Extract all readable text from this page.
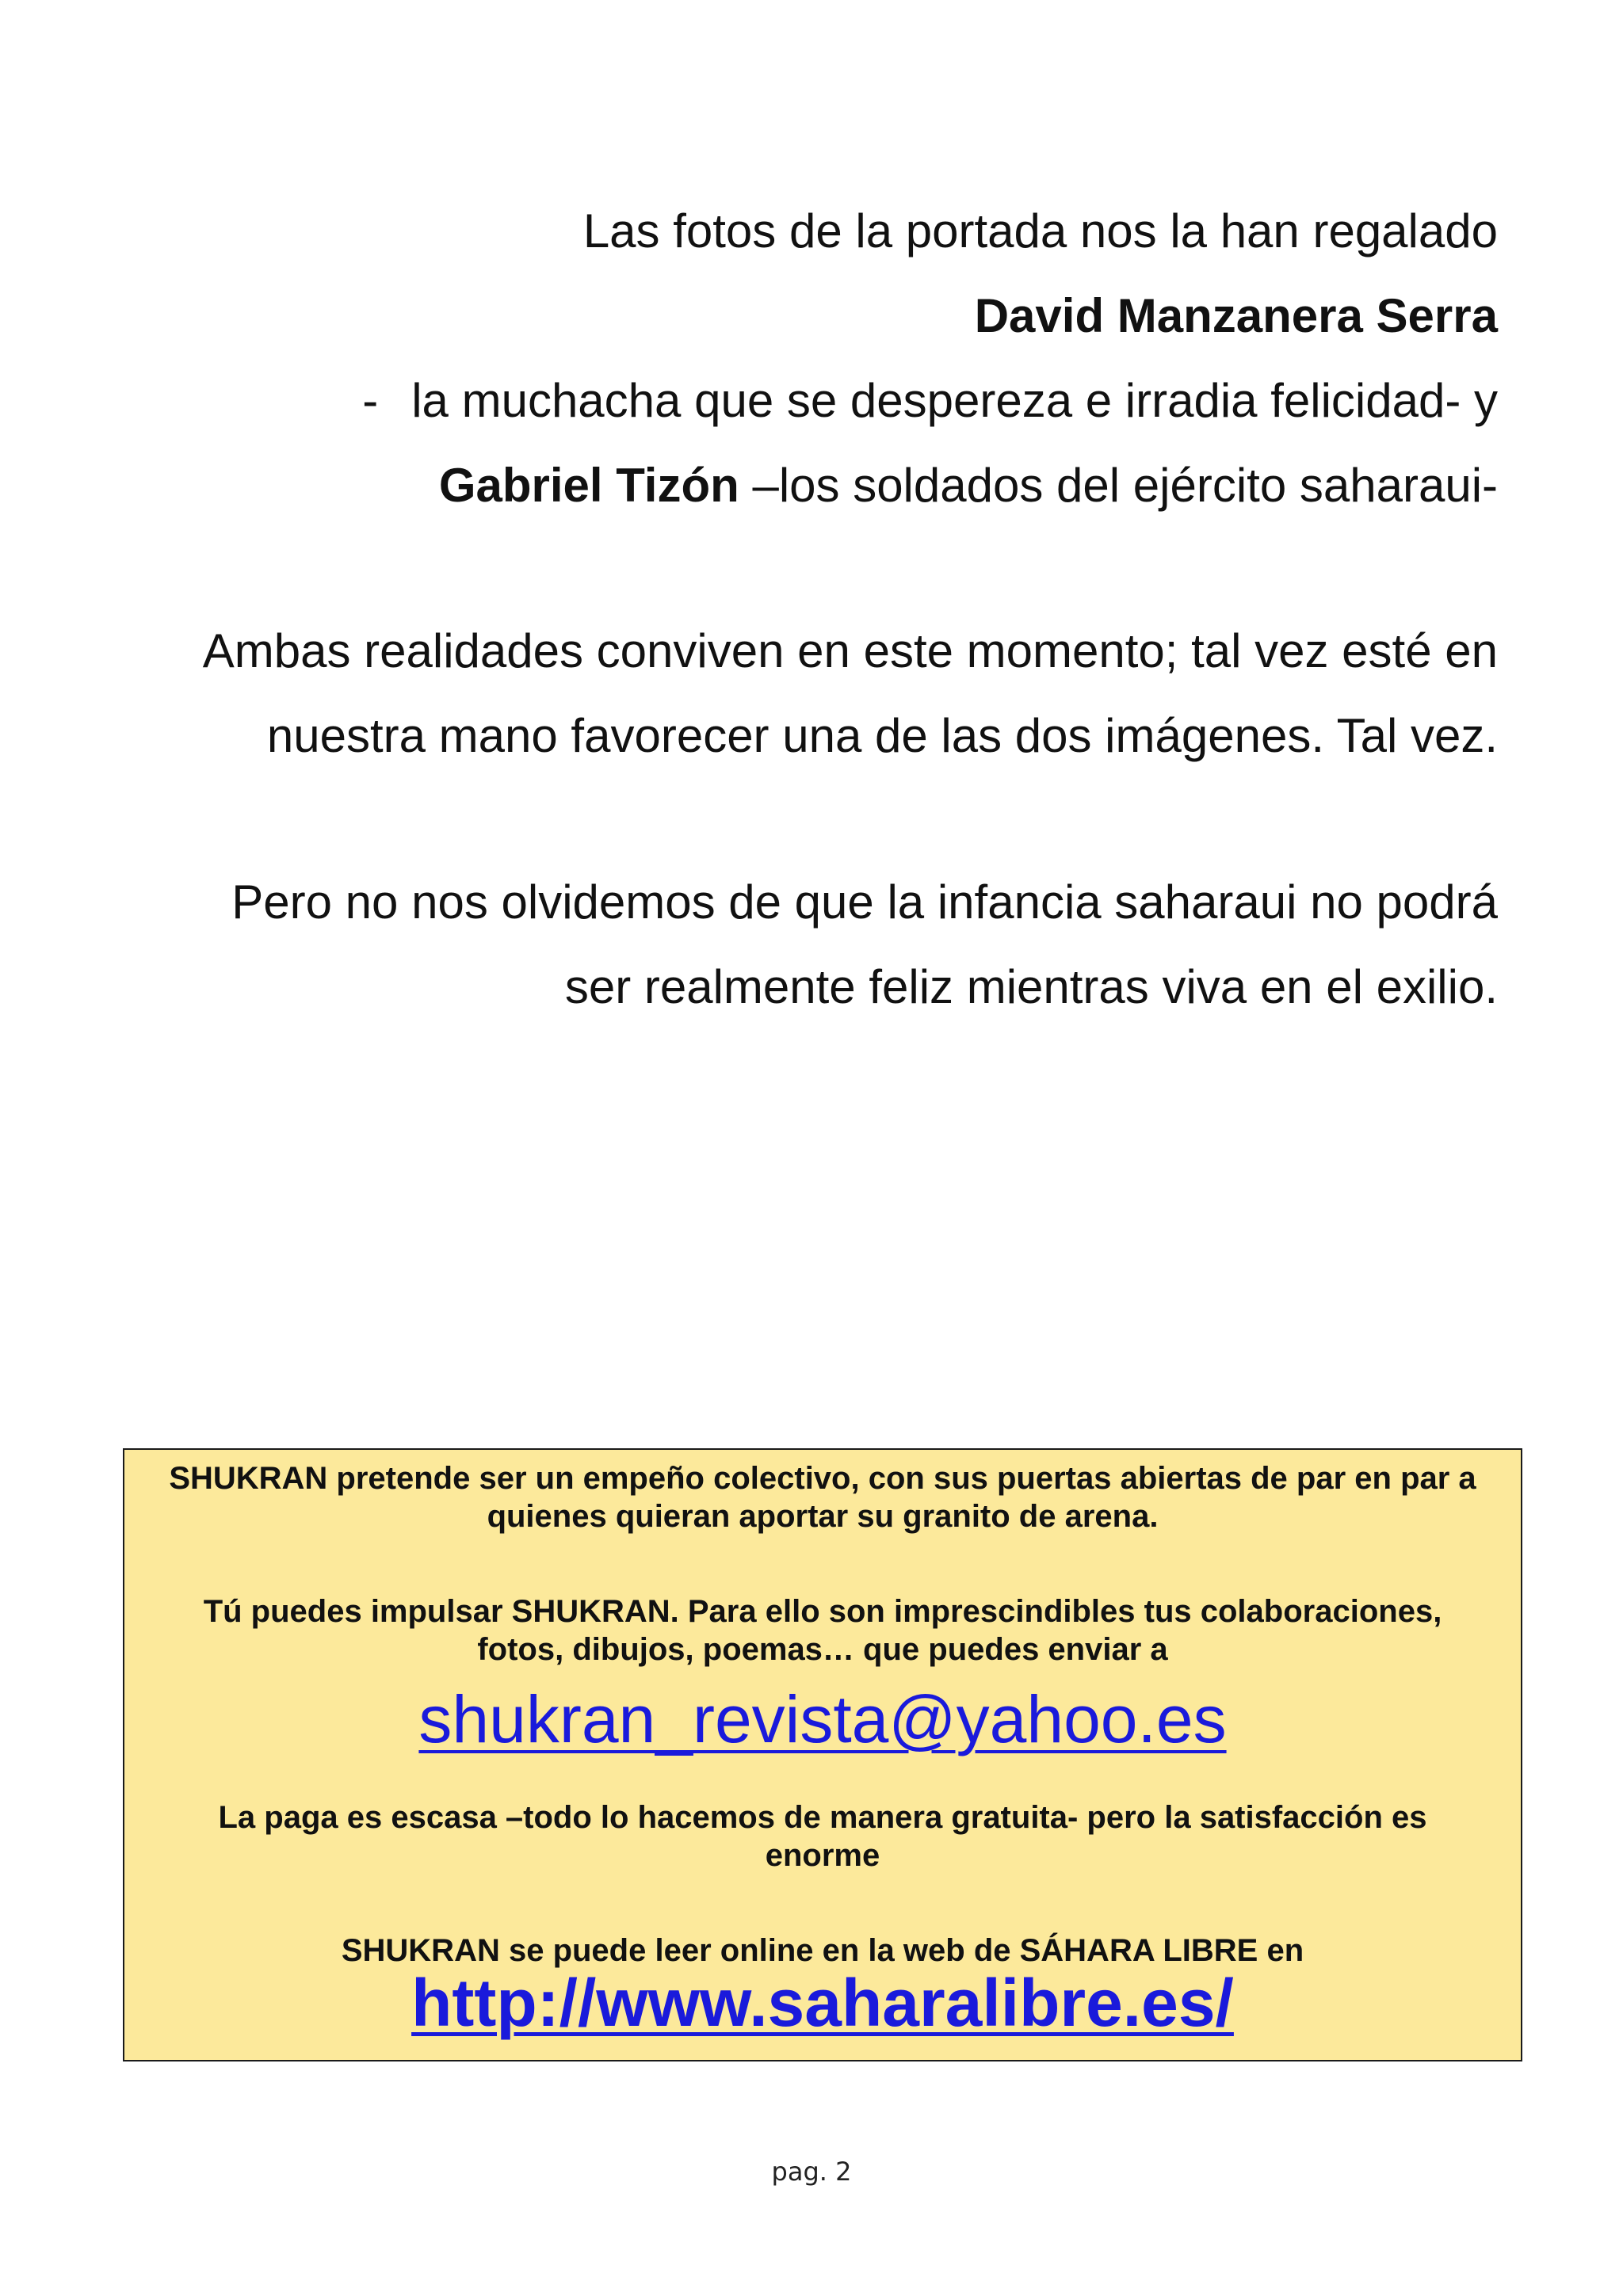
Las fotos de la portada nos la han regalado
David Manzanera Serra
- la muchacha que se despereza e irradia felicidad- y
Gabriel Tizón –los soldados del ejército saharaui-
Ambas realidades conviven en este momento; tal vez esté en
nuestra mano favorecer una de las dos imágenes. Tal vez.
Pero no nos olvidemos de que la infancia saharaui no podrá
ser realmente feliz mientras viva en el exilio.
SHUKRAN pretende ser un empeño colectivo, con sus puertas abiertas de par en par a
quienes quieran aportar su granito de arena.
Tú puedes impulsar SHUKRAN. Para ello son imprescindibles tus colaboraciones,
fotos, dibujos, poemas… que puedes enviar a
shukran_revista@yahoo.es
La paga es escasa –todo lo hacemos de manera gratuita- pero la satisfacción es
enorme
SHUKRAN se puede leer online en la web de SÁHARA LIBRE en
http://www.saharalibre.es/
pag. 2
